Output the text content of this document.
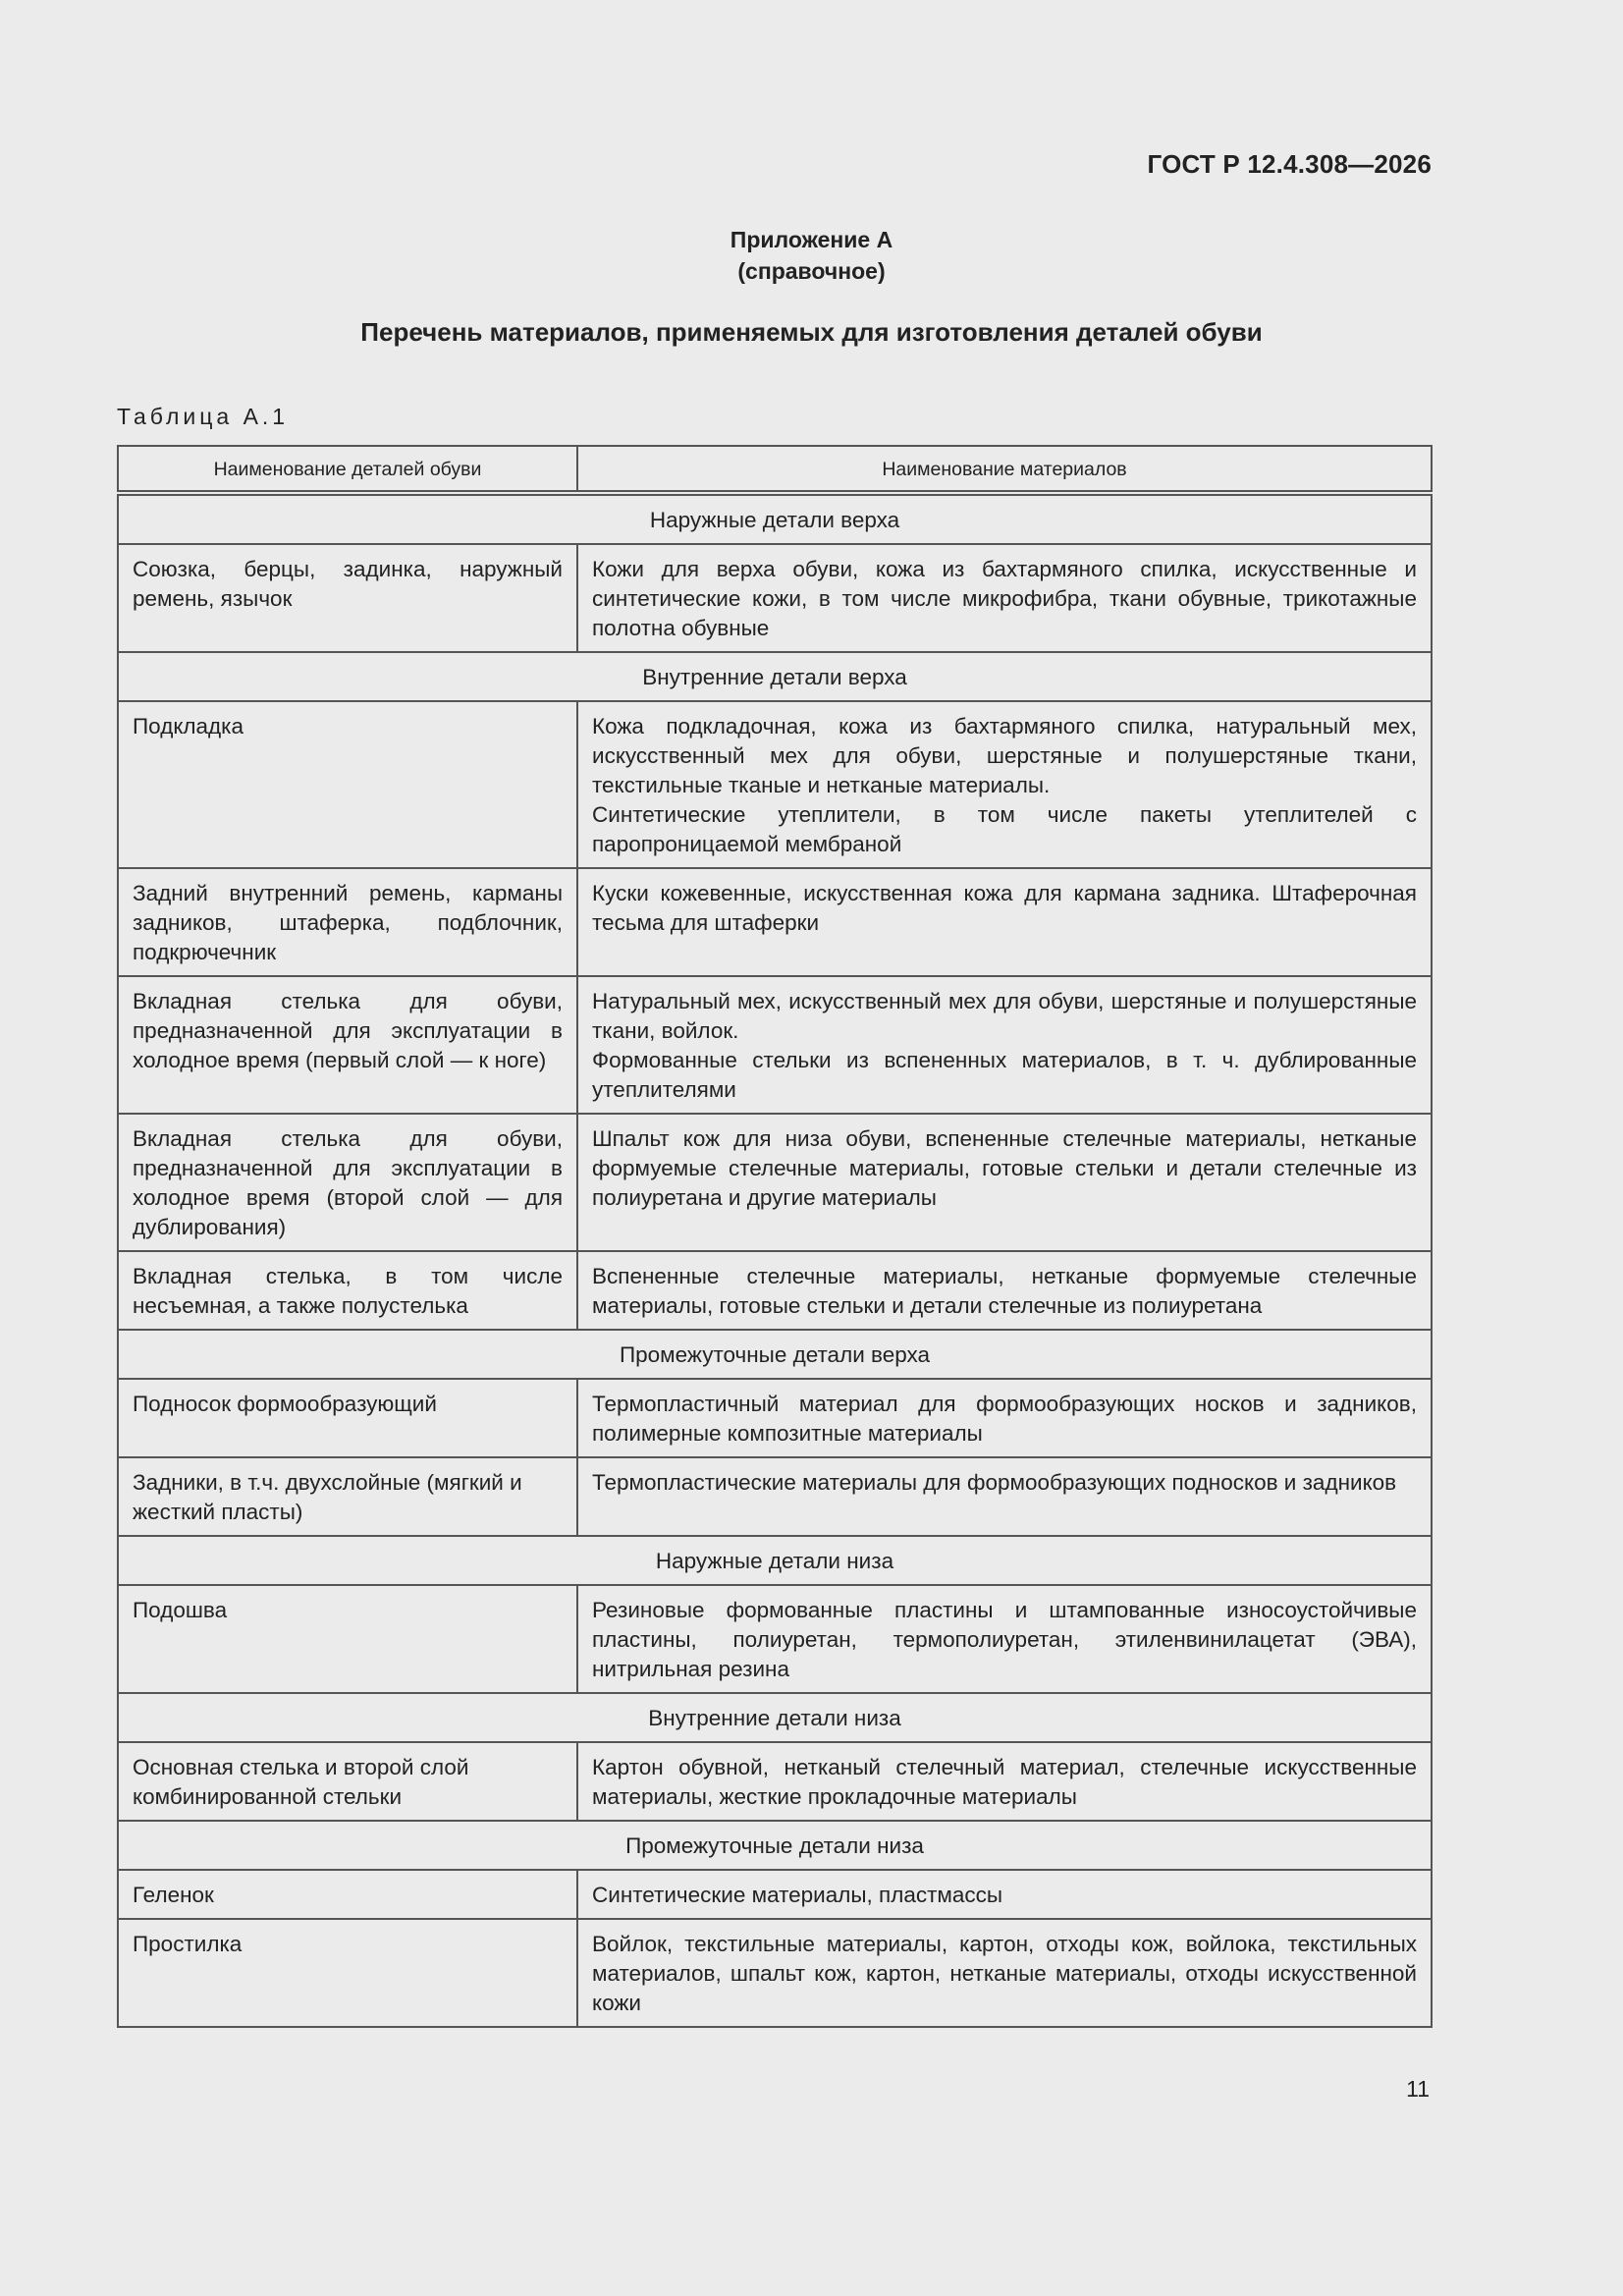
ГОСТ Р 12.4.308—2026
Приложение А
(справочное)
Перечень материалов, применяемых для изготовления деталей обуви
Таблица А.1
Наименование деталей обуви	Наименование материалов
Наружные детали верха	
Союзка, берцы, задинка, наружный ремень, язычок	Кожи для верха обуви, кожа из бахтармяного спилка, искусственные и синтетические кожи, в том числе микрофибра, ткани обувные, трикотажные полотна обувные

Внутренние детали верха	
Подкладка	Кожа подкладочная, кожа из бахтармяного спилка, натуральный мех, искусственный мех для обуви, шерстяные и полушерстяные ткани, текстильные тканые и нетканые материалы.
Синтетические утеплители, в том числе пакеты утеплителей с паропроницаемой мембраной

Задний внутренний ремень, карманы задников, штаферка, подблочник, подкрючечник	Куски кожевенные, искусственная кожа для кармана задника. Штаферочная тесьма для штаферки

Вкладная стелька для обуви, предназначенной для эксплуатации в холодное время (первый слой — к ноге)	Натуральный мех, искусственный мех для обуви, шерстяные и полушерстяные ткани, войлок.
Формованные стельки из вспененных материалов, в т. ч. дублированные утеплителями

Вкладная стелька для обуви, предназначенной для эксплуатации в холодное время (второй слой — для дублирования)	Шпальт кож для низа обуви, вспененные стелечные материалы, нетканые формуемые стелечные материалы, готовые стельки и детали стелечные из полиуретана и другие материалы

Вкладная стелька, в том числе несъемная, а также полустелька	Вспененные стелечные материалы, нетканые формуемые стелечные материалы, готовые стельки и детали стелечные из полиуретана

Промежуточные детали верха	
Подносок формообразующий	Термопластичный материал для формообразующих носков и задников, полимерные композитные материалы

Задники, в т.ч. двухслойные (мягкий и жесткий пласты)	Термопластические материалы для формообразующих подносков и задников

Наружные детали низа	
Подошва	Резиновые формованные пластины и штампованные износоустойчивые пластины, полиуретан, термополиуретан, этиленвинилацетат (ЭВА), нитрильная резина

Внутренние детали низа	
Основная стелька и второй слой комбинированной стельки	Картон обувной, нетканый стелечный материал, стелечные искусственные материалы, жесткие прокладочные материалы

Промежуточные детали низа	
Геленок	Синтетические материалы, пластмассы

Простилка	Войлок, текстильные материалы, картон, отходы кож, войлока, текстильных материалов, шпальт кож, картон, нетканые материалы, отходы искусственной кожи
11
